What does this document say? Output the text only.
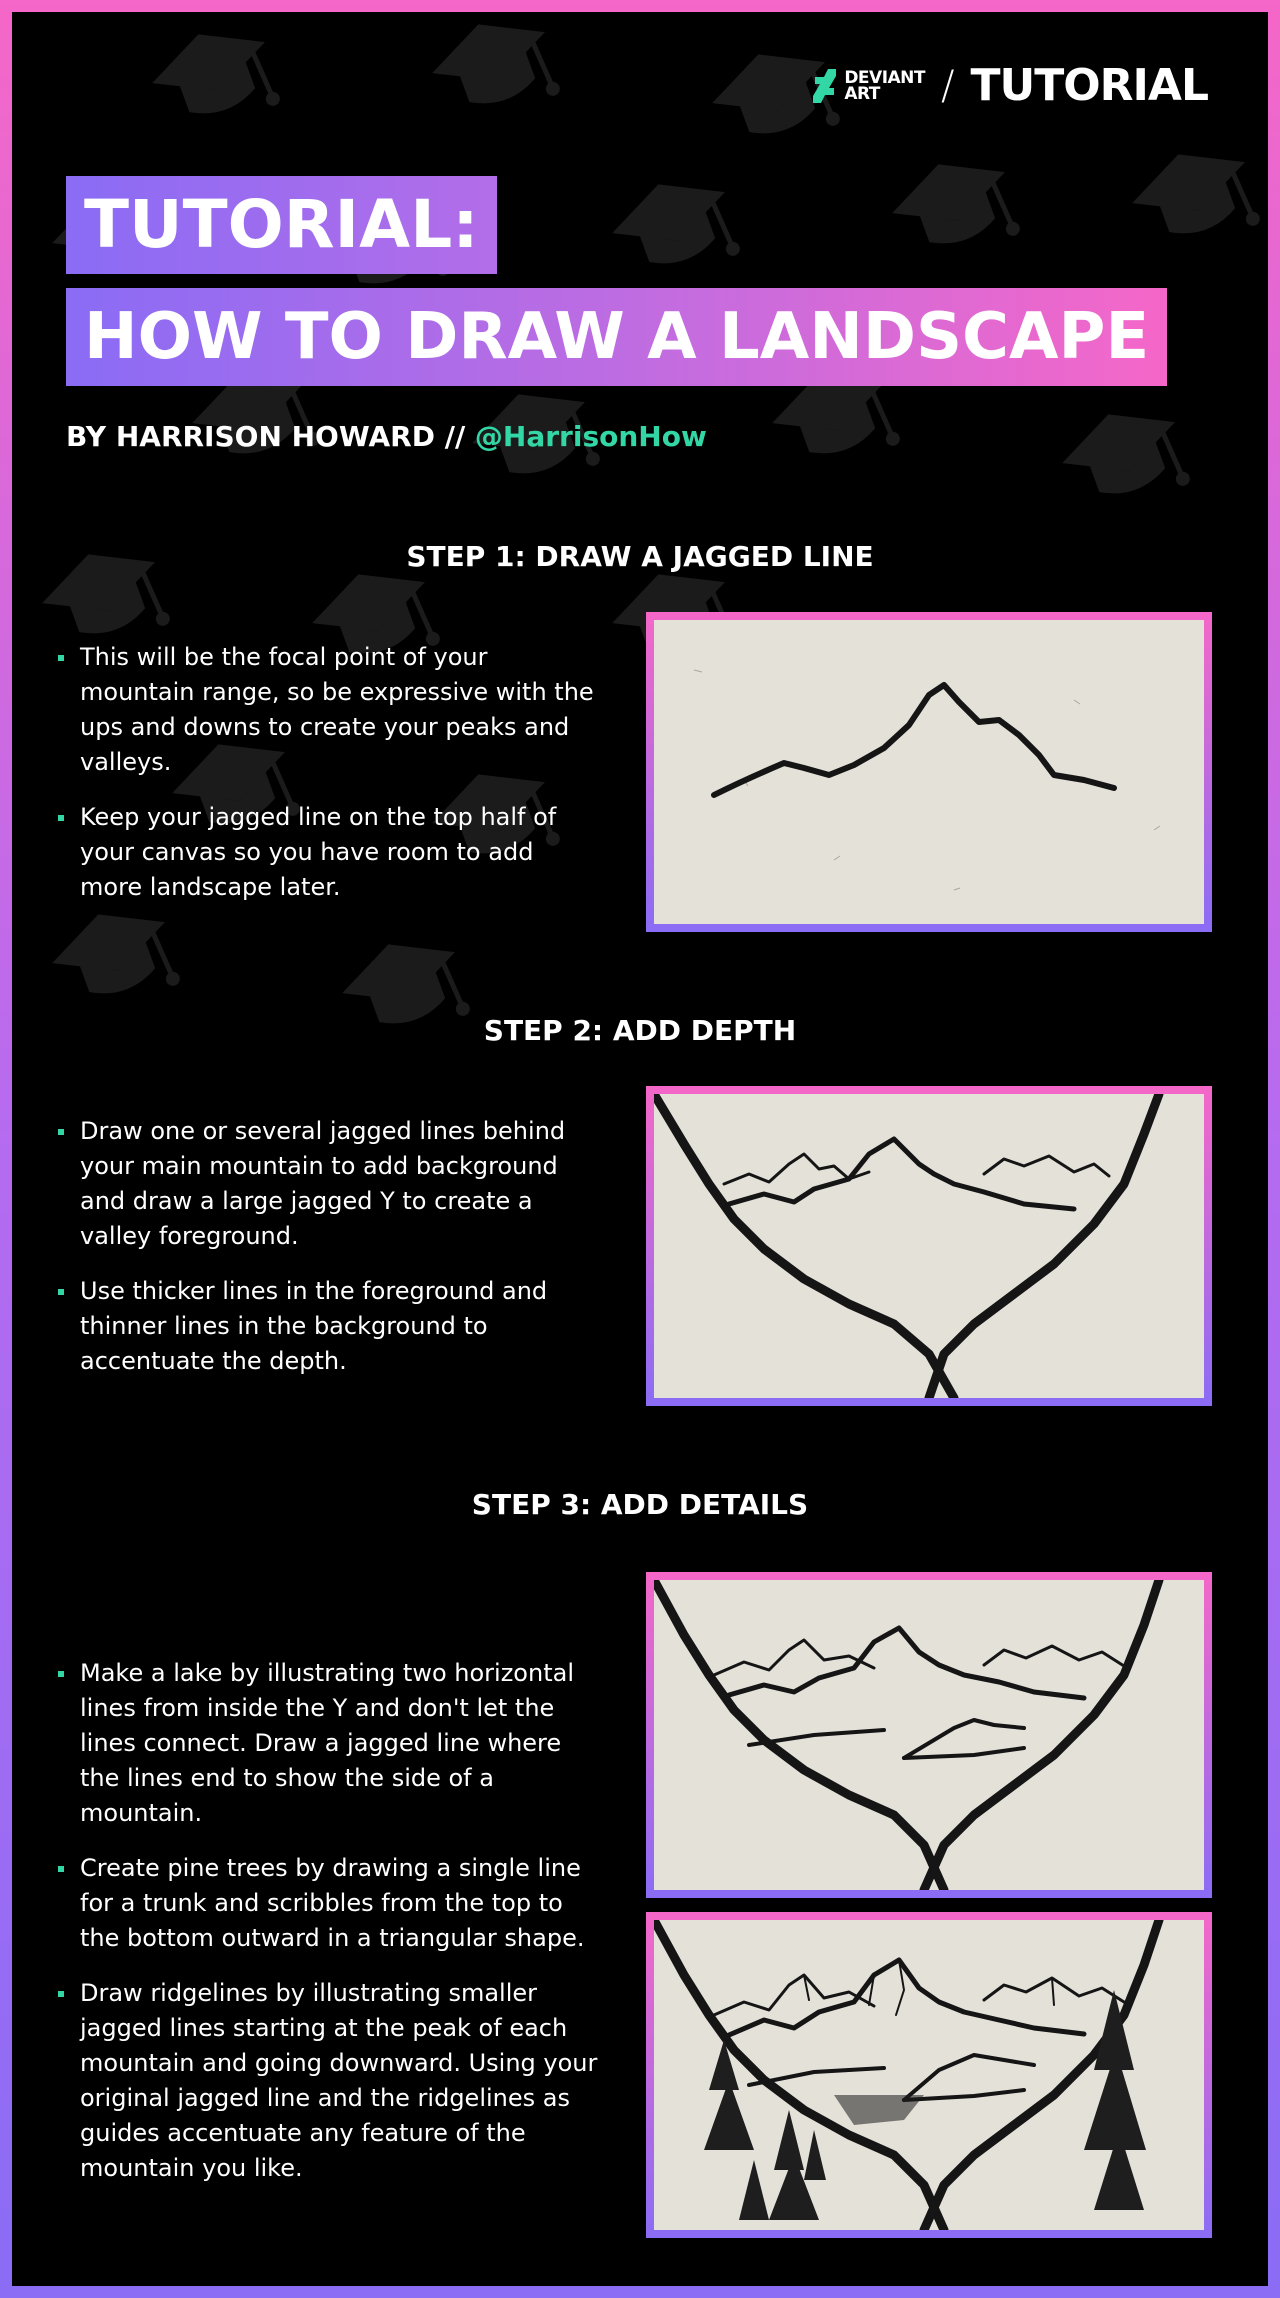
DEVIANT
ART	/ TUTORIAL
TUTORIAL:
HOW TO DRAW A LANDSCAPE
BY HARRISON HOWARD // @HarrisonHow
STEP 1: DRAW A JAGGED LINE
This will be the focal point of your mountain range, so be expressive with the ups and downs to create your peaks and valleys.
Keep your jagged line on the top half of your canvas so you have room to add more landscape later.
STEP 2: ADD DEPTH
Draw one or several jagged lines behind your main mountain to add background and draw a large jagged Y to create a valley foreground.
Use thicker lines in the foreground and thinner lines in the background to accentuate the depth.
STEP 3: ADD DETAILS
Make a lake by illustrating two horizontal lines from inside the Y and don't let the lines connect. Draw a jagged line where the lines end to show the side of a mountain.
Create pine trees by drawing a single line for a trunk and scribbles from the top to the bottom outward in a triangular shape.
Draw ridgelines by illustrating smaller jagged lines starting at the peak of each mountain and going downward. Using your original jagged line and the ridgelines as guides accentuate any feature of the mountain you like.
